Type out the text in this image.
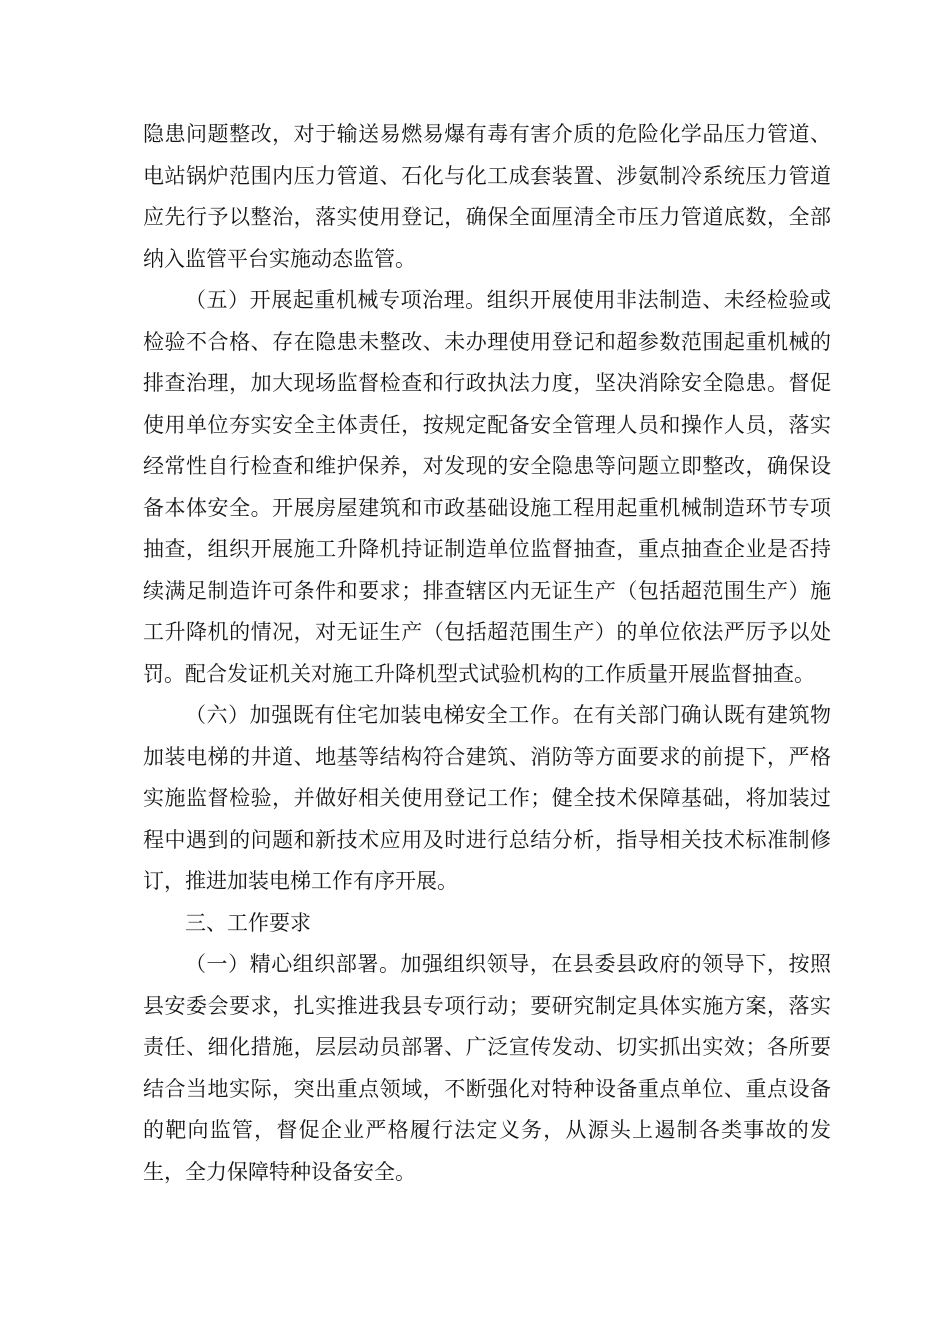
隐患问题整改，对于输送易燃易爆有毒有害介质的危险化学品压力管道、电站锅炉范围内压力管道、石化与化工成套装置、涉氨制冷系统压力管道应先行予以整治，落实使用登记，确保全面厘清全市压力管道底数，全部纳入监管平台实施动态监管。

（五）开展起重机械专项治理。组织开展使用非法制造、未经检验或检验不合格、存在隐患未整改、未办理使用登记和超参数范围起重机械的排查治理，加大现场监督检查和行政执法力度，坚决消除安全隐患。督促使用单位夯实安全主体责任，按规定配备安全管理人员和操作人员，落实经常性自行检查和维护保养，对发现的安全隐患等问题立即整改，确保设备本体安全。开展房屋建筑和市政基础设施工程用起重机械制造环节专项抽查，组织开展施工升降机持证制造单位监督抽查，重点抽查企业是否持续满足制造许可条件和要求；排查辖区内无证生产（包括超范围生产）施工升降机的情况，对无证生产（包括超范围生产）的单位依法严厉予以处罚。配合发证机关对施工升降机型式试验机构的工作质量开展监督抽查。

（六）加强既有住宅加装电梯安全工作。在有关部门确认既有建筑物加装电梯的井道、地基等结构符合建筑、消防等方面要求的前提下，严格实施监督检验，并做好相关使用登记工作；健全技术保障基础，将加装过程中遇到的问题和新技术应用及时进行总结分析，指导相关技术标准制修订，推进加装电梯工作有序开展。

三、工作要求

（一）精心组织部署。加强组织领导，在县委县政府的领导下，按照县安委会要求，扎实推进我县专项行动；要研究制定具体实施方案，落实责任、细化措施，层层动员部署、广泛宣传发动、切实抓出实效；各所要结合当地实际，突出重点领域，不断强化对特种设备重点单位、重点设备的靶向监管，督促企业严格履行法定义务，从源头上遏制各类事故的发生，全力保障特种设备安全。
